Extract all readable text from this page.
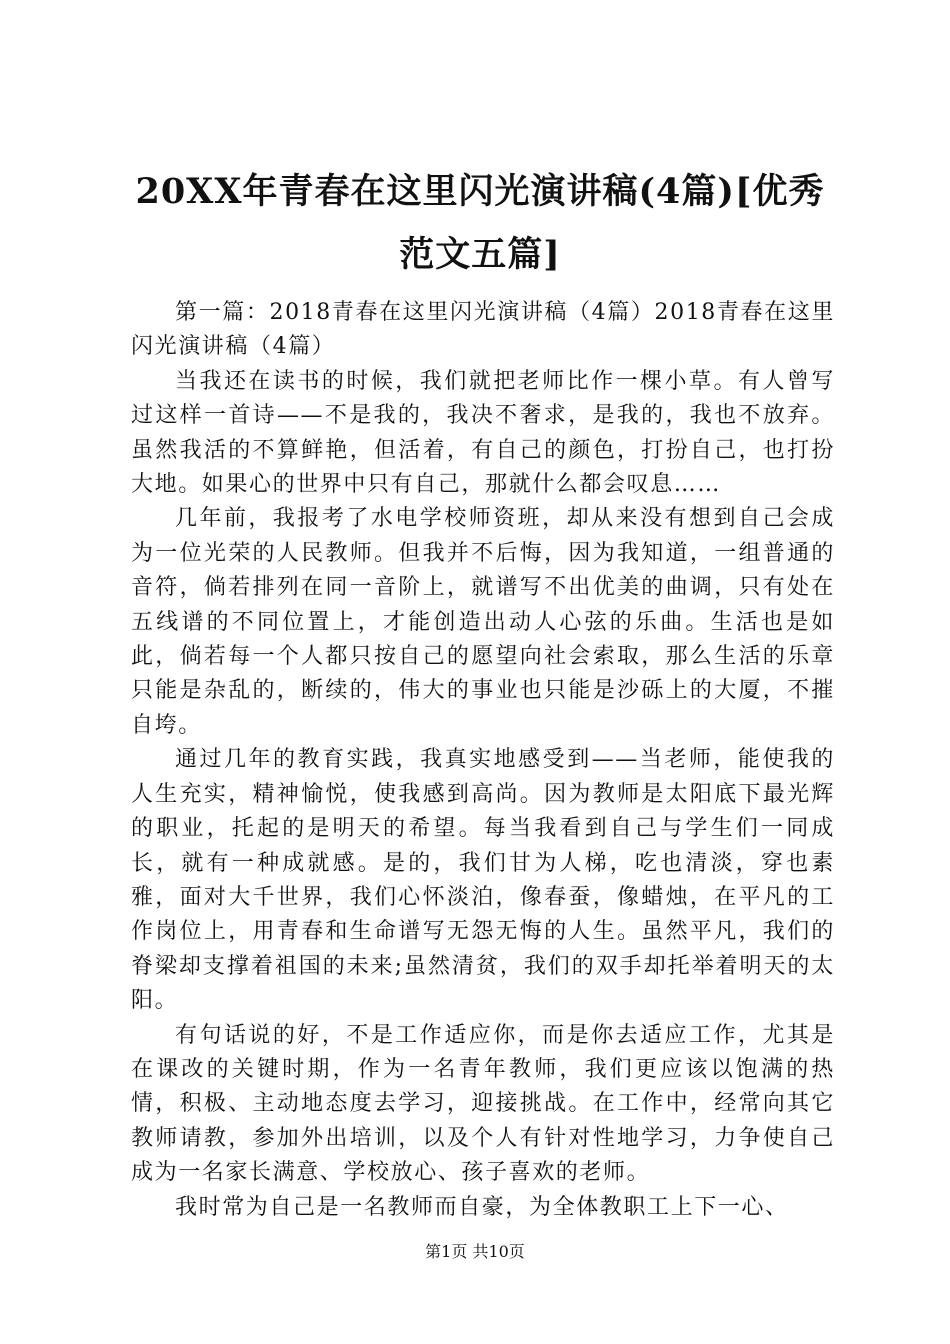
20XX年青春在这里闪光演讲稿(4篇)[优秀范文五篇]

第一篇：2018青春在这里闪光演讲稿（4篇）2018青春在这里闪光演讲稿（4篇）

当我还在读书的时候，我们就把老师比作一棵小草。有人曾写过这样一首诗——不是我的，我决不奢求，是我的，我也不放弃。虽然我活的不算鲜艳，但活着，有自己的颜色，打扮自己，也打扮大地。如果心的世界中只有自己，那就什么都会叹息……

几年前，我报考了水电学校师资班，却从来没有想到自己会成为一位光荣的人民教师。但我并不后悔，因为我知道，一组普通的音符，倘若排列在同一音阶上，就谱写不出优美的曲调，只有处在五线谱的不同位置上，才能创造出动人心弦的乐曲。生活也是如此，倘若每一个人都只按自己的愿望向社会索取，那么生活的乐章只能是杂乱的，断续的，伟大的事业也只能是沙砾上的大厦，不摧自垮。

通过几年的教育实践，我真实地感受到——当老师，能使我的人生充实，精神愉悦，使我感到高尚。因为教师是太阳底下最光辉的职业，托起的是明天的希望。每当我看到自己与学生们一同成长，就有一种成就感。是的，我们甘为人梯，吃也清淡，穿也素雅，面对大千世界，我们心怀淡泊，像春蚕，像蜡烛，在平凡的工作岗位上，用青春和生命谱写无怨无悔的人生。虽然平凡，我们的脊梁却支撑着祖国的未来;虽然清贫，我们的双手却托举着明天的太阳。

有句话说的好，不是工作适应你，而是你去适应工作，尤其是在课改的关键时期，作为一名青年教师，我们更应该以饱满的热情，积极、主动地态度去学习，迎接挑战。在工作中，经常向其它教师请教，参加外出培训，以及个人有针对性地学习，力争使自己成为一名家长满意、学校放心、孩子喜欢的老师。

我时常为自己是一名教师而自豪，为全体教职工上下一心、

第1页 共10页
